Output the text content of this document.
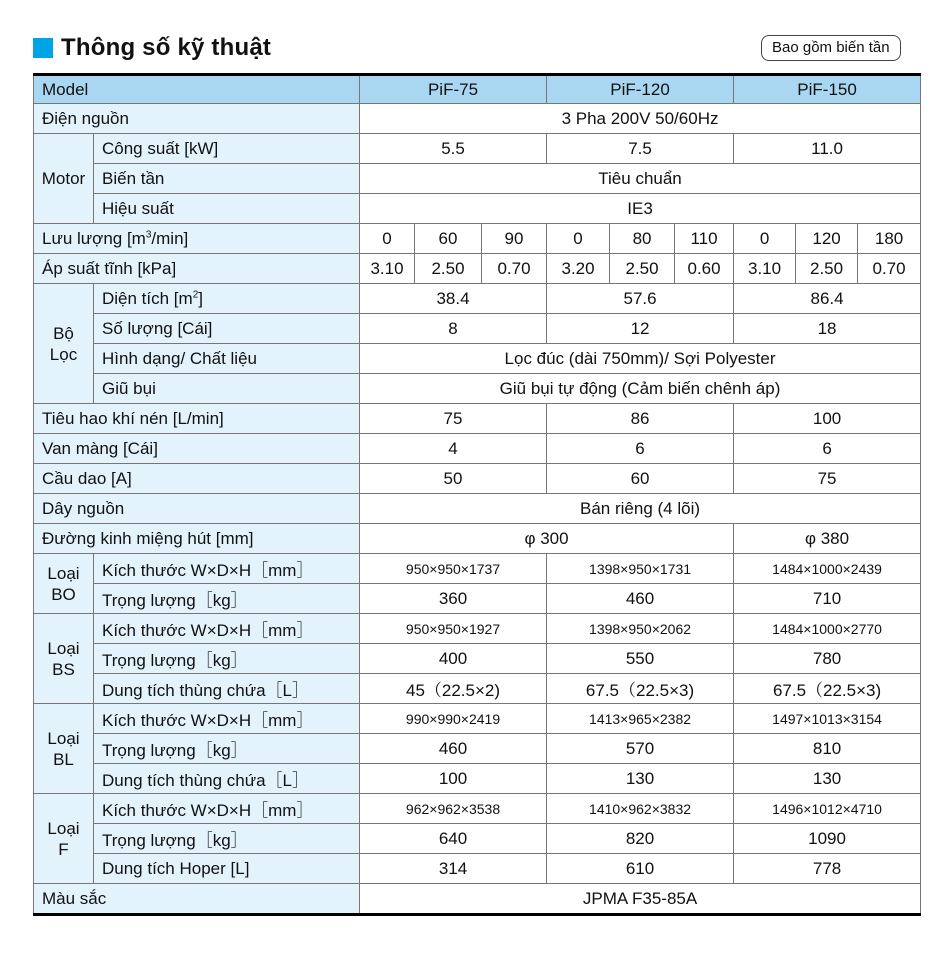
Thông số kỹ thuật	Bao gồm biến tần
Model		PiF-75			PiF-120			PiF-150		
Điện nguồn		3 Pha 200V 50/60Hz								
Motor	Công suất [kW]	5.5			7.5			11.0		
	Biến tần	Tiêu chuẩn								
	Hiệu suất	IE3								
Lưu lượng $[m^3/\min]$		0	60	90	0	80	110	0	120	180
Áp suất tĩnh [kPa]		3.10	2.50	0.70	3.20	2.50	0.60	3.10	2.50	0.70

Bộ
Lọc	Diện tích $[m^2]$	38.4			57.6			86.4		
	Số lượng [Cái]	8			12			18		
	Hình dạng/ Chất liệu	Lọc đúc (dài 750mm)/ Sợi Polyester								
	Giũ bụi	Giũ bụi tự động (Cảm biến chênh áp)								
Tiêu hao khí nén [L/min]		75			86			100		
Van màng [Cái]		4			6			6		
Cầu dao [A]		50			60			75		
Dây nguồn		Bán riêng (4 lõi)								
Đường kinh miệng hút [mm]		φ 300						φ 380		

Loại
BO	Kích thước W×D×H［mm］	950×950×1737			1398×950×1731			1484×1000×2439		
	Trọng lượng［kg］	360			460			710		

Loại
BS	Kích thước W×D×H［mm］	950×950×1927			1398×950×2062			1484×1000×2770		
	Trọng lượng［kg］	400			550			780		
	Dung tích thùng chứa［L］	45（22.5×2)			67.5（22.5×3)			67.5（22.5×3)		

Loại
BL	Kích thước W×D×H［mm］	990×990×2419			1413×965×2382			1497×1013×3154		
	Trọng lượng［kg］	460			570			810		
	Dung tích thùng chứa［L］	100			130			130		

Loại
F	Kích thước W×D×H［mm］	962×962×3538			1410×962×3832			1496×1012×4710		
	Trọng lượng［kg］	640			820			1090		
	Dung tích Hoper [L]	314			610			778		
Màu sắc		JPMA F35-85A								
